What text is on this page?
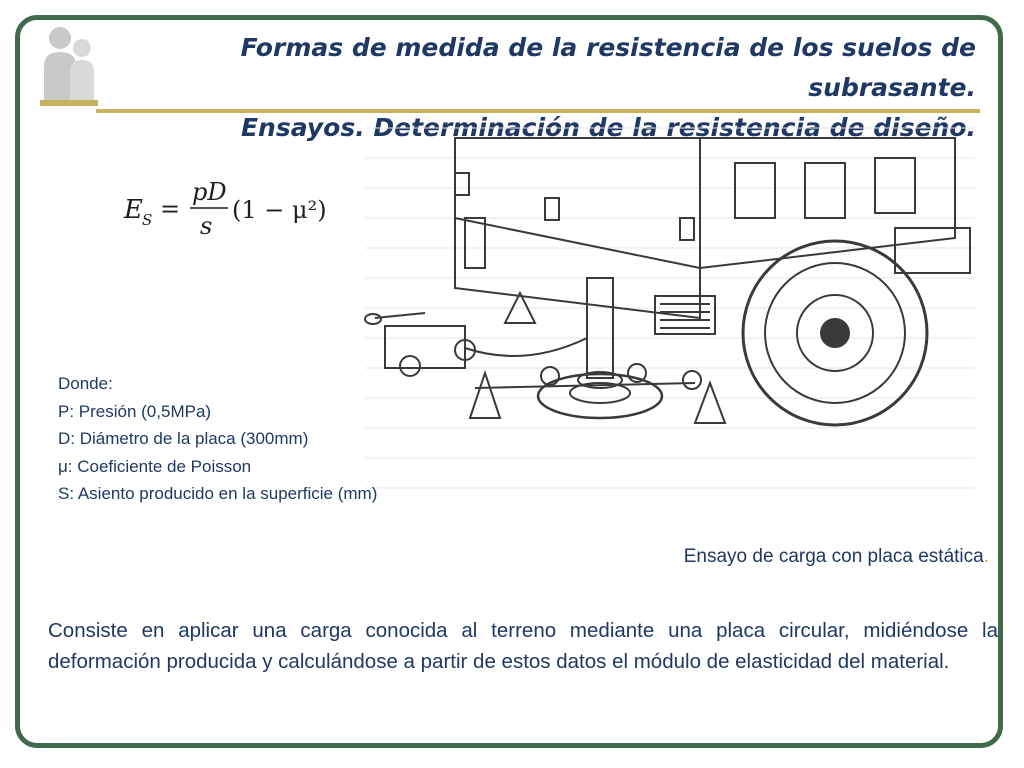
Formas de medida de la resistencia de los suelos de subrasante.
Ensayos. Determinación de la resistencia de diseño.
E S =
pD
s
(1 − μ²)
Donde:
P: Presión (0,5MPa)
D: Diámetro de la placa (300mm)
μ: Coeficiente de Poisson
S: Asiento producido en la superficie (mm)
Ensayo de carga con placa estática.

Consiste en aplicar una carga conocida al terreno mediante una placa circular, midiéndose la deformación producida y calculándose a partir de estos datos el módulo de elasticidad del material.
